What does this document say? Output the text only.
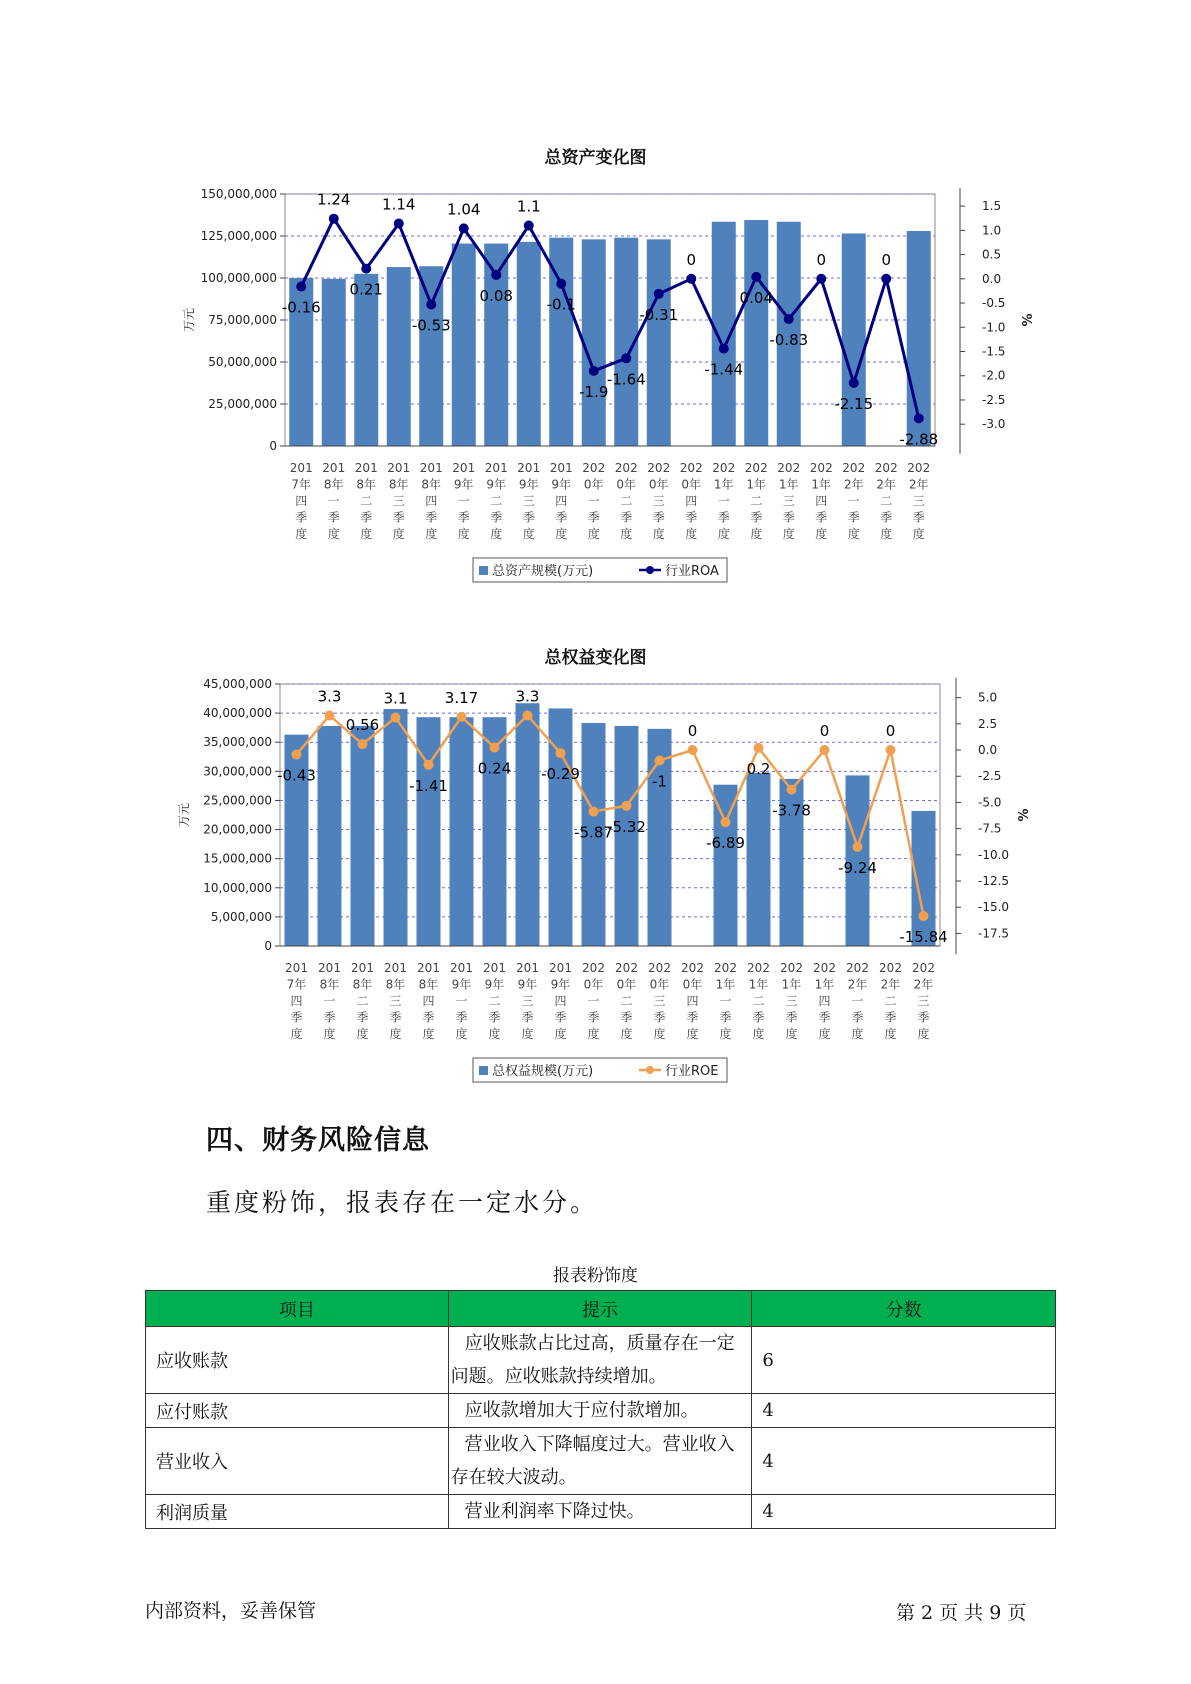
总资产变化图
150,000,000
125,000,000
100,000,000
75,000,000
50,000,000
25,000,000
0
1.5
1.0
0.5
0.0
-0.5
-1.0
-1.5
-2.0
-2.5
-3.0
万元	%
201 7年四季度
201 8年一季度
201 8年二季度
201 8年三季度
201 8年四季度
201 9年一季度
201 9年二季度
201 9年三季度
201 9年四季度
202 0年一季度
202 0年二季度
202 0年三季度
202 0年四季度
202 1年一季度
202 1年二季度
202 1年三季度
202 1年四季度
202 2年一季度
202 2年二季度
202 2年三季度
-0.16
1.24
0.21
1.14
-0.53
1.04
0.08
1.1
-0.1
-1.9
-1.64
-0.31
0
-1.44
0.04
-0.83
0
-2.15
0
-2.88
总资产规模(万元)	行业ROA
总权益变化图
45,000,000
40,000,000
35,000,000
30,000,000
25,000,000
20,000,000
15,000,000
10,000,000
5,000,000
0
5.0
2.5
0.0
-2.5
-5.0
-7.5
-10.0
-12.5
-15.0
-17.5
万元	%
201 7年四季度
201 8年一季度
201 8年二季度
201 8年三季度
201 8年四季度
201 9年一季度
201 9年二季度
201 9年三季度
201 9年四季度
202 0年一季度
202 0年二季度
202 0年三季度
202 0年四季度
202 1年一季度
202 1年二季度
202 1年三季度
202 1年四季度
202 2年一季度
202 2年二季度
202 2年三季度
-0.43
3.3
0.56
3.1
-1.41
3.17
0.24
3.3
-0.29
-5.87
-5.32
-1
0
-6.89
0.2
-3.78
0
-9.24
0
-15.84
总权益规模(万元)	行业ROE
四、财务风险信息
重度粉饰，报表存在一定水分。
报表粉饰度
项目	提示	分数
应收账款	应收账款占比过高，质量存在一定问题。应收账款持续增加。	6
应付账款	应收款增加大于应付款增加。	4
营业收入	营业收入下降幅度过大。营业收入存在较大波动。	4
利润质量	营业利润率下降过快。	4
内部资料，妥善保管	第 2 页 共 9 页
